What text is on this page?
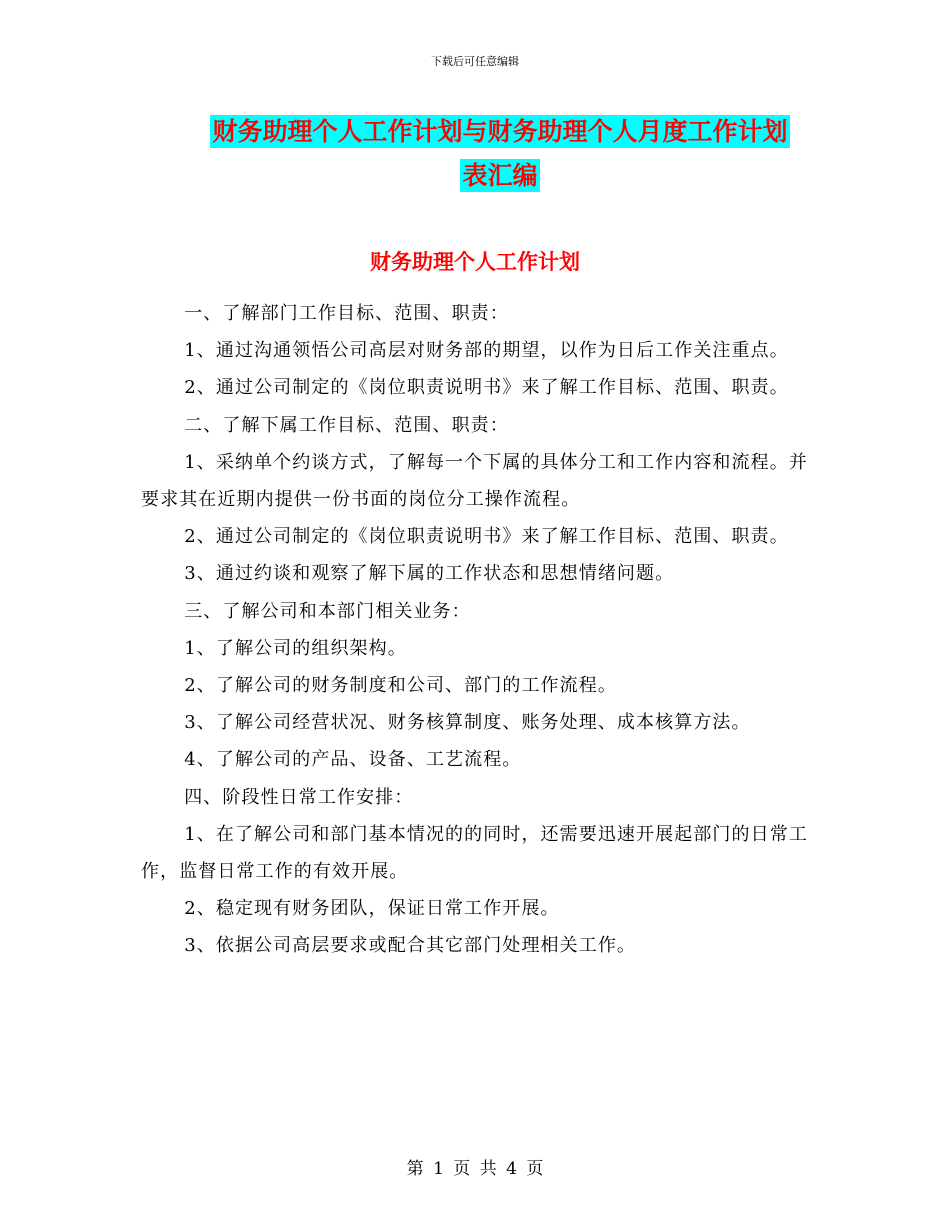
下载后可任意编辑
财务助理个人工作计划与财务助理个人月度工作计划
表汇编
财务助理个人工作计划

一、了解部门工作目标、范围、职责：

1、通过沟通领悟公司高层对财务部的期望，以作为日后工作关注重点。

2、通过公司制定的《岗位职责说明书》来了解工作目标、范围、职责。

二、了解下属工作目标、范围、职责：

1、采纳单个约谈方式，了解每一个下属的具体分工和工作内容和流程。并要求其在近期内提供一份书面的岗位分工操作流程。

2、通过公司制定的《岗位职责说明书》来了解工作目标、范围、职责。

3、通过约谈和观察了解下属的工作状态和思想情绪问题。

三、了解公司和本部门相关业务：

1、了解公司的组织架构。

2、了解公司的财务制度和公司、部门的工作流程。

3、了解公司经营状况、财务核算制度、账务处理、成本核算方法。

4、了解公司的产品、设备、工艺流程。

四、阶段性日常工作安排：

1、在了解公司和部门基本情况的的同时，还需要迅速开展起部门的日常工作，监督日常工作的有效开展。

2、稳定现有财务团队，保证日常工作开展。

3、依据公司高层要求或配合其它部门处理相关工作。

第 1 页 共 4 页
